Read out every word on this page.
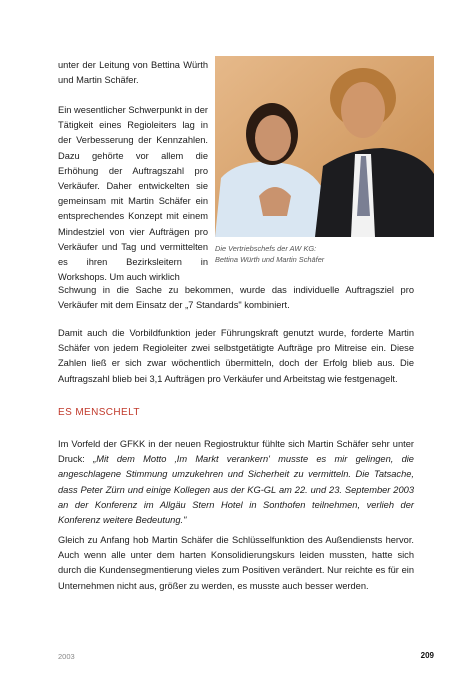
unter der Leitung von Bettina Würth und Martin Schäfer.
Ein wesentlicher Schwerpunkt in der Tätigkeit eines Regioleiters lag in der Verbesserung der Kennzahlen. Dazu gehörte vor allem die Erhöhung der Auftragszahl pro Verkäufer. Daher entwickelten sie gemeinsam mit Martin Schäfer ein entsprechendes Konzept mit einem Mindestziel von vier Aufträgen pro Verkäufer und Tag und vermittelten es ihren Bezirksleitern in Workshops. Um auch wirklich
Die Vertriebschefs der AW KG:
Bettina Würth und Martin Schäfer
Schwung in die Sache zu bekommen, wurde das individuelle Auftragsziel pro Verkäufer mit dem Einsatz der „7 Standards" kombiniert.
Damit auch die Vorbildfunktion jeder Führungskraft genutzt wurde, forderte Martin Schäfer von jedem Regioleiter zwei selbstgetätigte Aufträge pro Mitreise ein. Diese Zahlen ließ er sich zwar wöchentlich übermitteln, doch der Erfolg blieb aus. Die Auftragszahl blieb bei 3,1 Aufträgen pro Verkäufer und Arbeitstag wie festgenagelt.
ES MENSCHELT
Im Vorfeld der GFKK in der neuen Regiostruktur fühlte sich Martin Schäfer sehr unter Druck: „Mit dem Motto ‚Im Markt verankern' musste es mir gelingen, die angeschlagene Stimmung umzukehren und Sicherheit zu vermitteln. Die Tatsache, dass Peter Zürn und einige Kollegen aus der KG-GL am 22. und 23. September 2003 an der Konferenz im Allgäu Stern Hotel in Sonthofen teilnehmen, verlieh der Konferenz weitere Bedeutung."
Gleich zu Anfang hob Martin Schäfer die Schlüsselfunktion des Außendiensts hervor. Auch wenn alle unter dem harten Konsolidierungskurs leiden mussten, hatte sich durch die Kundensegmentierung vieles zum Positiven verändert. Nur reichte es für ein Unternehmen nicht aus, größer zu werden, es musste auch besser werden.
2003	209
